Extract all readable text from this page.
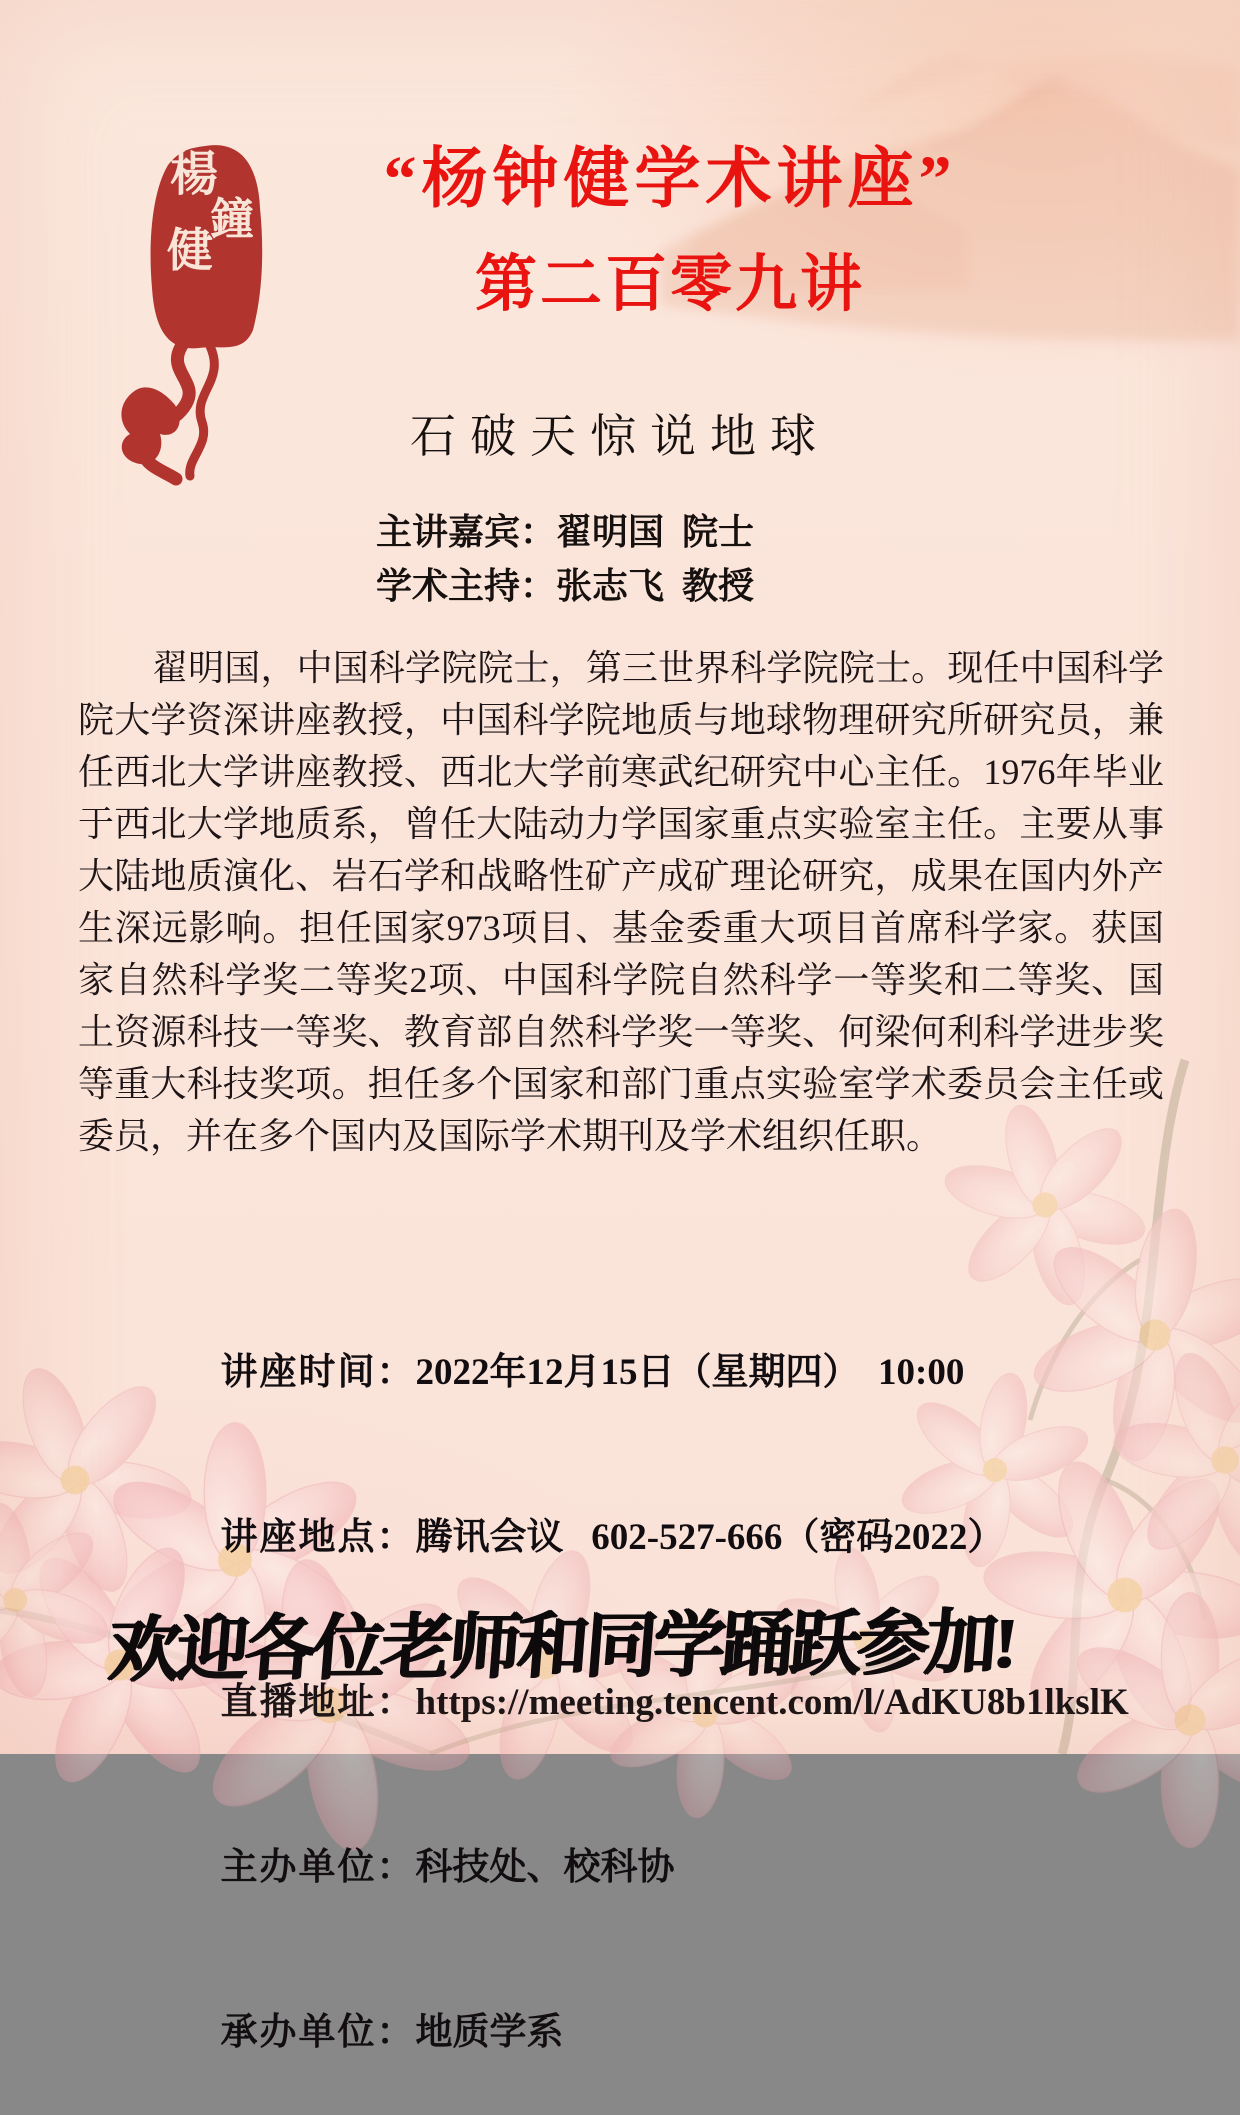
楊
鐘
健
“杨钟健学术讲座”
第二百零九讲
石破天惊说地球
主讲嘉宾：翟明国  院士
学术主持：张志飞  教授

翟明国，中国科学院院士，第三世界科学院院士。现任中国科学院大学资深讲座教授，中国科学院地质与地球物理研究所研究员，兼任西北大学讲座教授、西北大学前寒武纪研究中心主任。1976年毕业于西北大学地质系，曾任大陆动力学国家重点实验室主任。主要从事大陆地质演化、岩石学和战略性矿产成矿理论研究，成果在国内外产生深远影响。担任国家973项目、基金委重大项目首席科学家。获国家自然科学奖二等奖2项、中国科学院自然科学一等奖和二等奖、国土资源科技一等奖、教育部自然科学奖一等奖、何梁何利科学进步奖等重大科技奖项。担任多个国家和部门重点实验室学术委员会主任或委员，并在多个国内及国际学术期刊及学术组织任职。

讲座时间：2022年12月15日（星期四）  10:00

讲座地点：腾讯会议   602-527-666（密码2022）

直播地址：https://meeting.tencent.com/l/AdKU8b1lkslK

主办单位：科技处、校科协

承办单位：地质学系

欢迎各位老师和同学踊跃参加!
